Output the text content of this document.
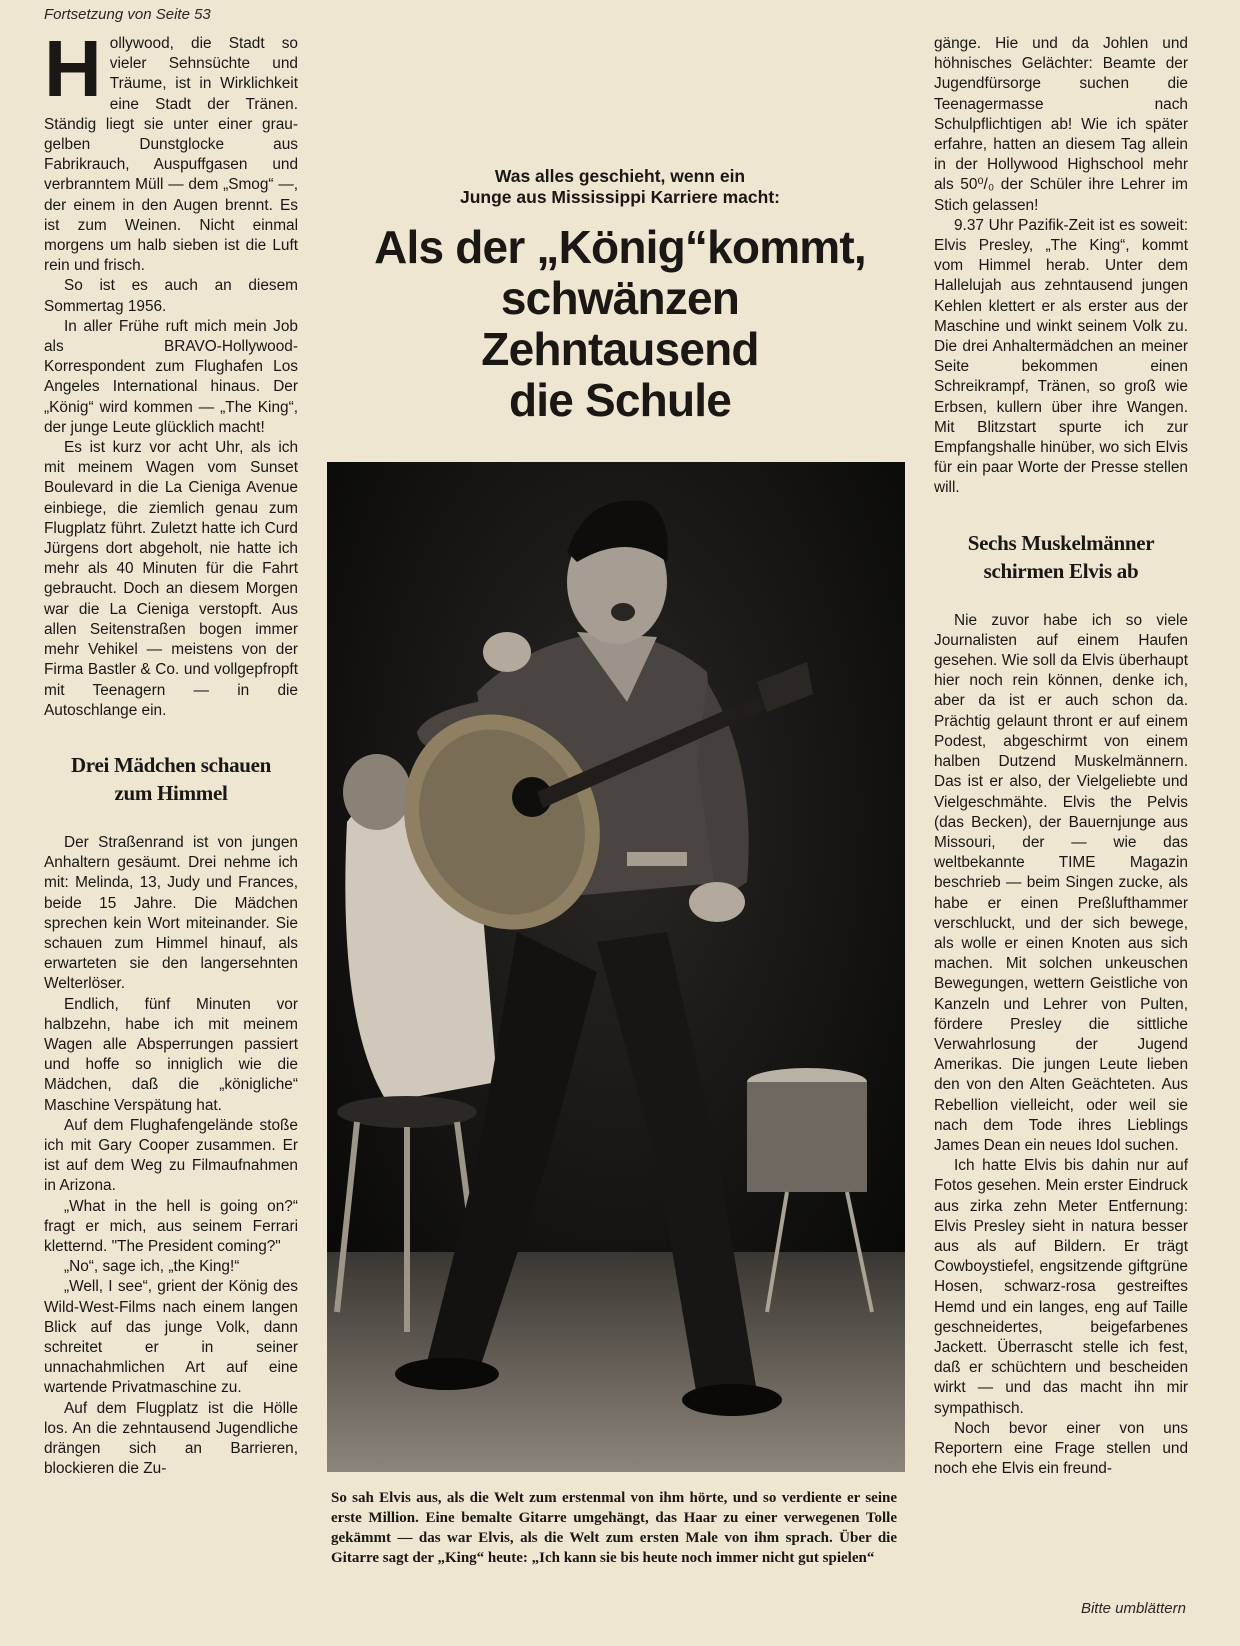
Fortsetzung von Seite 53

Hollywood, die Stadt so vieler Sehnsüchte und Träume, ist in Wirklichkeit eine Stadt der Tränen. Ständig liegt sie unter einer grau-gelben Dunstglocke aus Fabrikrauch, Auspuffgasen und verbranntem Müll — dem „Smog“ —, der einem in den Augen brennt. Es ist zum Weinen. Nicht einmal morgens um halb sieben ist die Luft rein und frisch.

So ist es auch an diesem Sommertag 1956.

In aller Frühe ruft mich mein Job als BRAVO-Hollywood-Korrespondent zum Flughafen Los Angeles International hinaus. Der „König“ wird kommen — „The King“, der junge Leute glücklich macht!

Es ist kurz vor acht Uhr, als ich mit meinem Wagen vom Sunset Boulevard in die La Cieniga Avenue einbiege, die ziemlich genau zum Flugplatz führt. Zuletzt hatte ich Curd Jürgens dort abgeholt, nie hatte ich mehr als 40 Minuten für die Fahrt gebraucht. Doch an diesem Morgen war die La Cieniga verstopft. Aus allen Seitenstraßen bogen immer mehr Vehikel — meistens von der Firma Bastler & Co. und vollgepfropft mit Teenagern — in die Autoschlange ein.

Drei Mädchen schauen
zum Himmel

Der Straßenrand ist von jungen Anhaltern gesäumt. Drei nehme ich mit: Melinda, 13, Judy und Frances, beide 15 Jahre. Die Mädchen sprechen kein Wort miteinander. Sie schauen zum Himmel hinauf, als erwarteten sie den langersehnten Welterlöser.

Endlich, fünf Minuten vor halbzehn, habe ich mit meinem Wagen alle Absperrungen passiert und hoffe so inniglich wie die Mädchen, daß die „königliche“ Maschine Verspätung hat.

Auf dem Flughafengelände stoße ich mit Gary Cooper zusammen. Er ist auf dem Weg zu Filmaufnahmen in Arizona.

„What in the hell is going on?“ fragt er mich, aus seinem Ferrari kletternd. "The President coming?"

„No“, sage ich, „the King!“

„Well, I see“, grient der König des Wild-West-Films nach einem langen Blick auf das junge Volk, dann schreitet er in seiner unnachahmlichen Art auf eine wartende Privatmaschine zu.

Auf dem Flugplatz ist die Hölle los. An die zehntausend Jugendliche drängen sich an Barrieren, blockieren die Zu-

Was alles geschieht, wenn ein
Junge aus Mississippi Karriere macht:
Als der „König“kommt,
schwänzen
Zehntausend
die Schule
So sah Elvis aus, als die Welt zum erstenmal von ihm hörte, und so verdiente er seine erste Million. Eine bemalte Gitarre umgehängt, das Haar zu einer verwegenen Tolle gekämmt — das war Elvis, als die Welt zum ersten Male von ihm sprach. Über die Gitarre sagt der „King“ heute: „Ich kann sie bis heute noch immer nicht gut spielen“

gänge. Hie und da Johlen und höhnisches Gelächter: Beamte der Jugendfürsorge suchen die Teenagermasse nach Schulpflichtigen ab! Wie ich später erfahre, hatten an diesem Tag allein in der Hollywood Highschool mehr als 50⁰/₀ der Schüler ihre Lehrer im Stich gelassen!

9.37 Uhr Pazifik-Zeit ist es soweit: Elvis Presley, „The King“, kommt vom Himmel herab. Unter dem Hallelujah aus zehntausend jungen Kehlen klettert er als erster aus der Maschine und winkt seinem Volk zu. Die drei Anhaltermädchen an meiner Seite bekommen einen Schreikrampf, Tränen, so groß wie Erbsen, kullern über ihre Wangen. Mit Blitzstart spurte ich zur Empfangshalle hinüber, wo sich Elvis für ein paar Worte der Presse stellen will.

Sechs Muskelmänner
schirmen Elvis ab

Nie zuvor habe ich so viele Journalisten auf einem Haufen gesehen. Wie soll da Elvis überhaupt hier noch rein können, denke ich, aber da ist er auch schon da. Prächtig gelaunt thront er auf einem Podest, abgeschirmt von einem halben Dutzend Muskelmännern. Das ist er also, der Vielgeliebte und Vielgeschmähte. Elvis the Pelvis (das Becken), der Bauernjunge aus Missouri, der — wie das weltbekannte TIME Magazin beschrieb — beim Singen zucke, als habe er einen Preßlufthammer verschluckt, und der sich bewege, als wolle er einen Knoten aus sich machen. Mit solchen unkeuschen Bewegungen, wettern Geistliche von Kanzeln und Lehrer von Pulten, fördere Presley die sittliche Verwahrlosung der Jugend Amerikas. Die jungen Leute lieben den von den Alten Geächteten. Aus Rebellion vielleicht, oder weil sie nach dem Tode ihres Lieblings James Dean ein neues Idol suchen.

Ich hatte Elvis bis dahin nur auf Fotos gesehen. Mein erster Eindruck aus zirka zehn Meter Entfernung: Elvis Presley sieht in natura besser aus als auf Bildern. Er trägt Cowboystiefel, engsitzende giftgrüne Hosen, schwarz-rosa gestreiftes Hemd und ein langes, eng auf Taille geschneidertes, beigefarbenes Jackett. Überrascht stelle ich fest, daß er schüchtern und bescheiden wirkt — und das macht ihn mir sympathisch.

Noch bevor einer von uns Reportern eine Frage stellen und noch ehe Elvis ein freund-

Bitte umblättern
